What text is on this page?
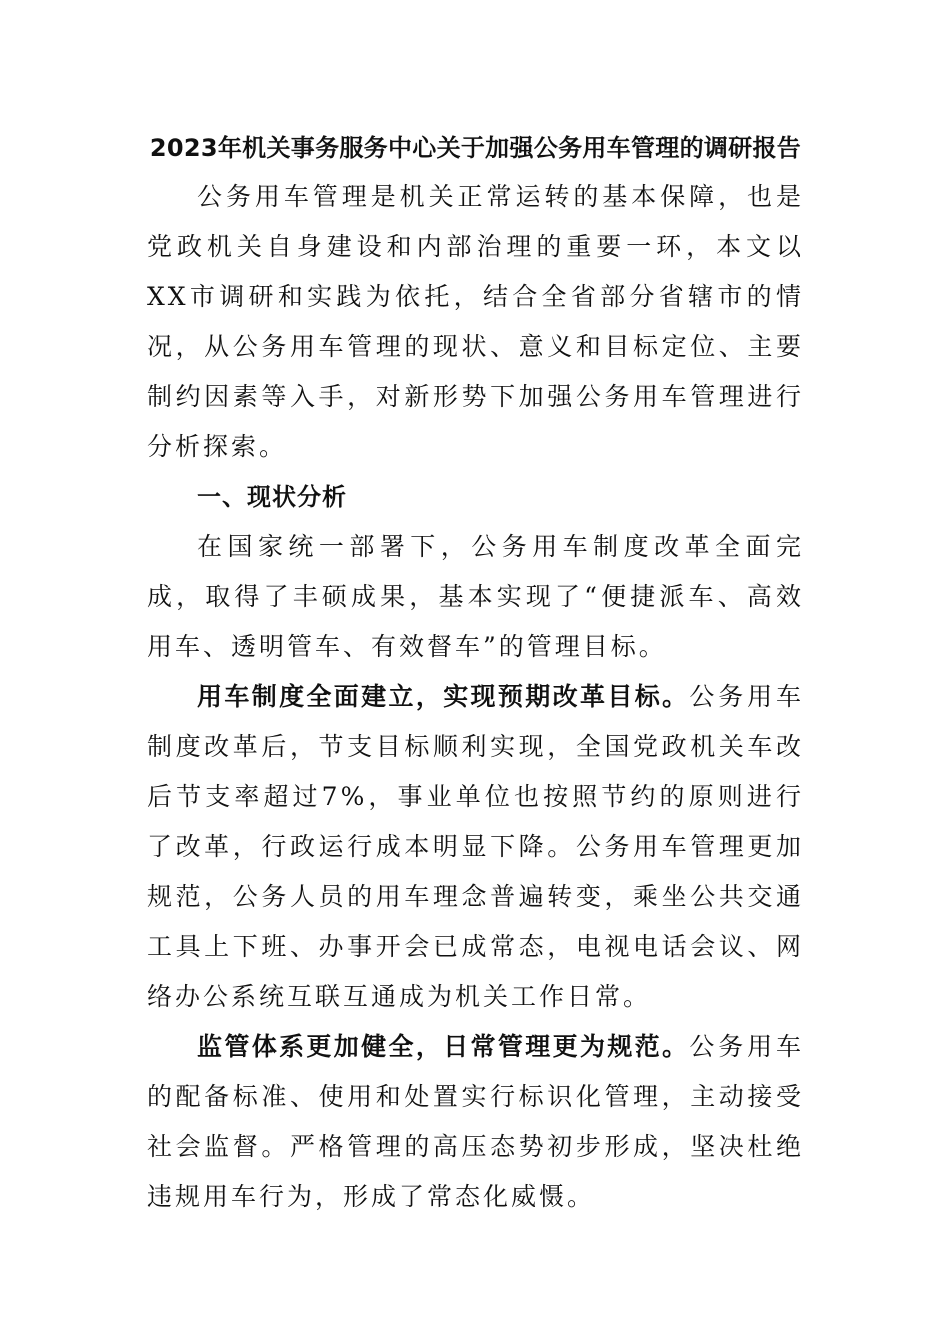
2023年机关事务服务中心关于加强公务用车管理的调研报告

公务用车管理是机关正常运转的基本保障，也是党政机关自身建设和内部治理的重要一环，本文以XX市调研和实践为依托，结合全省部分省辖市的情况，从公务用车管理的现状、意义和目标定位、主要制约因素等入手，对新形势下加强公务用车管理进行分析探索。

一、现状分析

在国家统一部署下，公务用车制度改革全面完成，取得了丰硕成果，基本实现了“便捷派车、高效用车、透明管车、有效督车”的管理目标。

用车制度全面建立，实现预期改革目标。公务用车制度改革后，节支目标顺利实现，全国党政机关车改后节支率超过7%，事业单位也按照节约的原则进行了改革，行政运行成本明显下降。公务用车管理更加规范，公务人员的用车理念普遍转变，乘坐公共交通工具上下班、办事开会已成常态，电视电话会议、网络办公系统互联互通成为机关工作日常。

监管体系更加健全，日常管理更为规范。公务用车的配备标准、使用和处置实行标识化管理，主动接受社会监督。严格管理的高压态势初步形成，坚决杜绝违规用车行为，形成了常态化威慑。
